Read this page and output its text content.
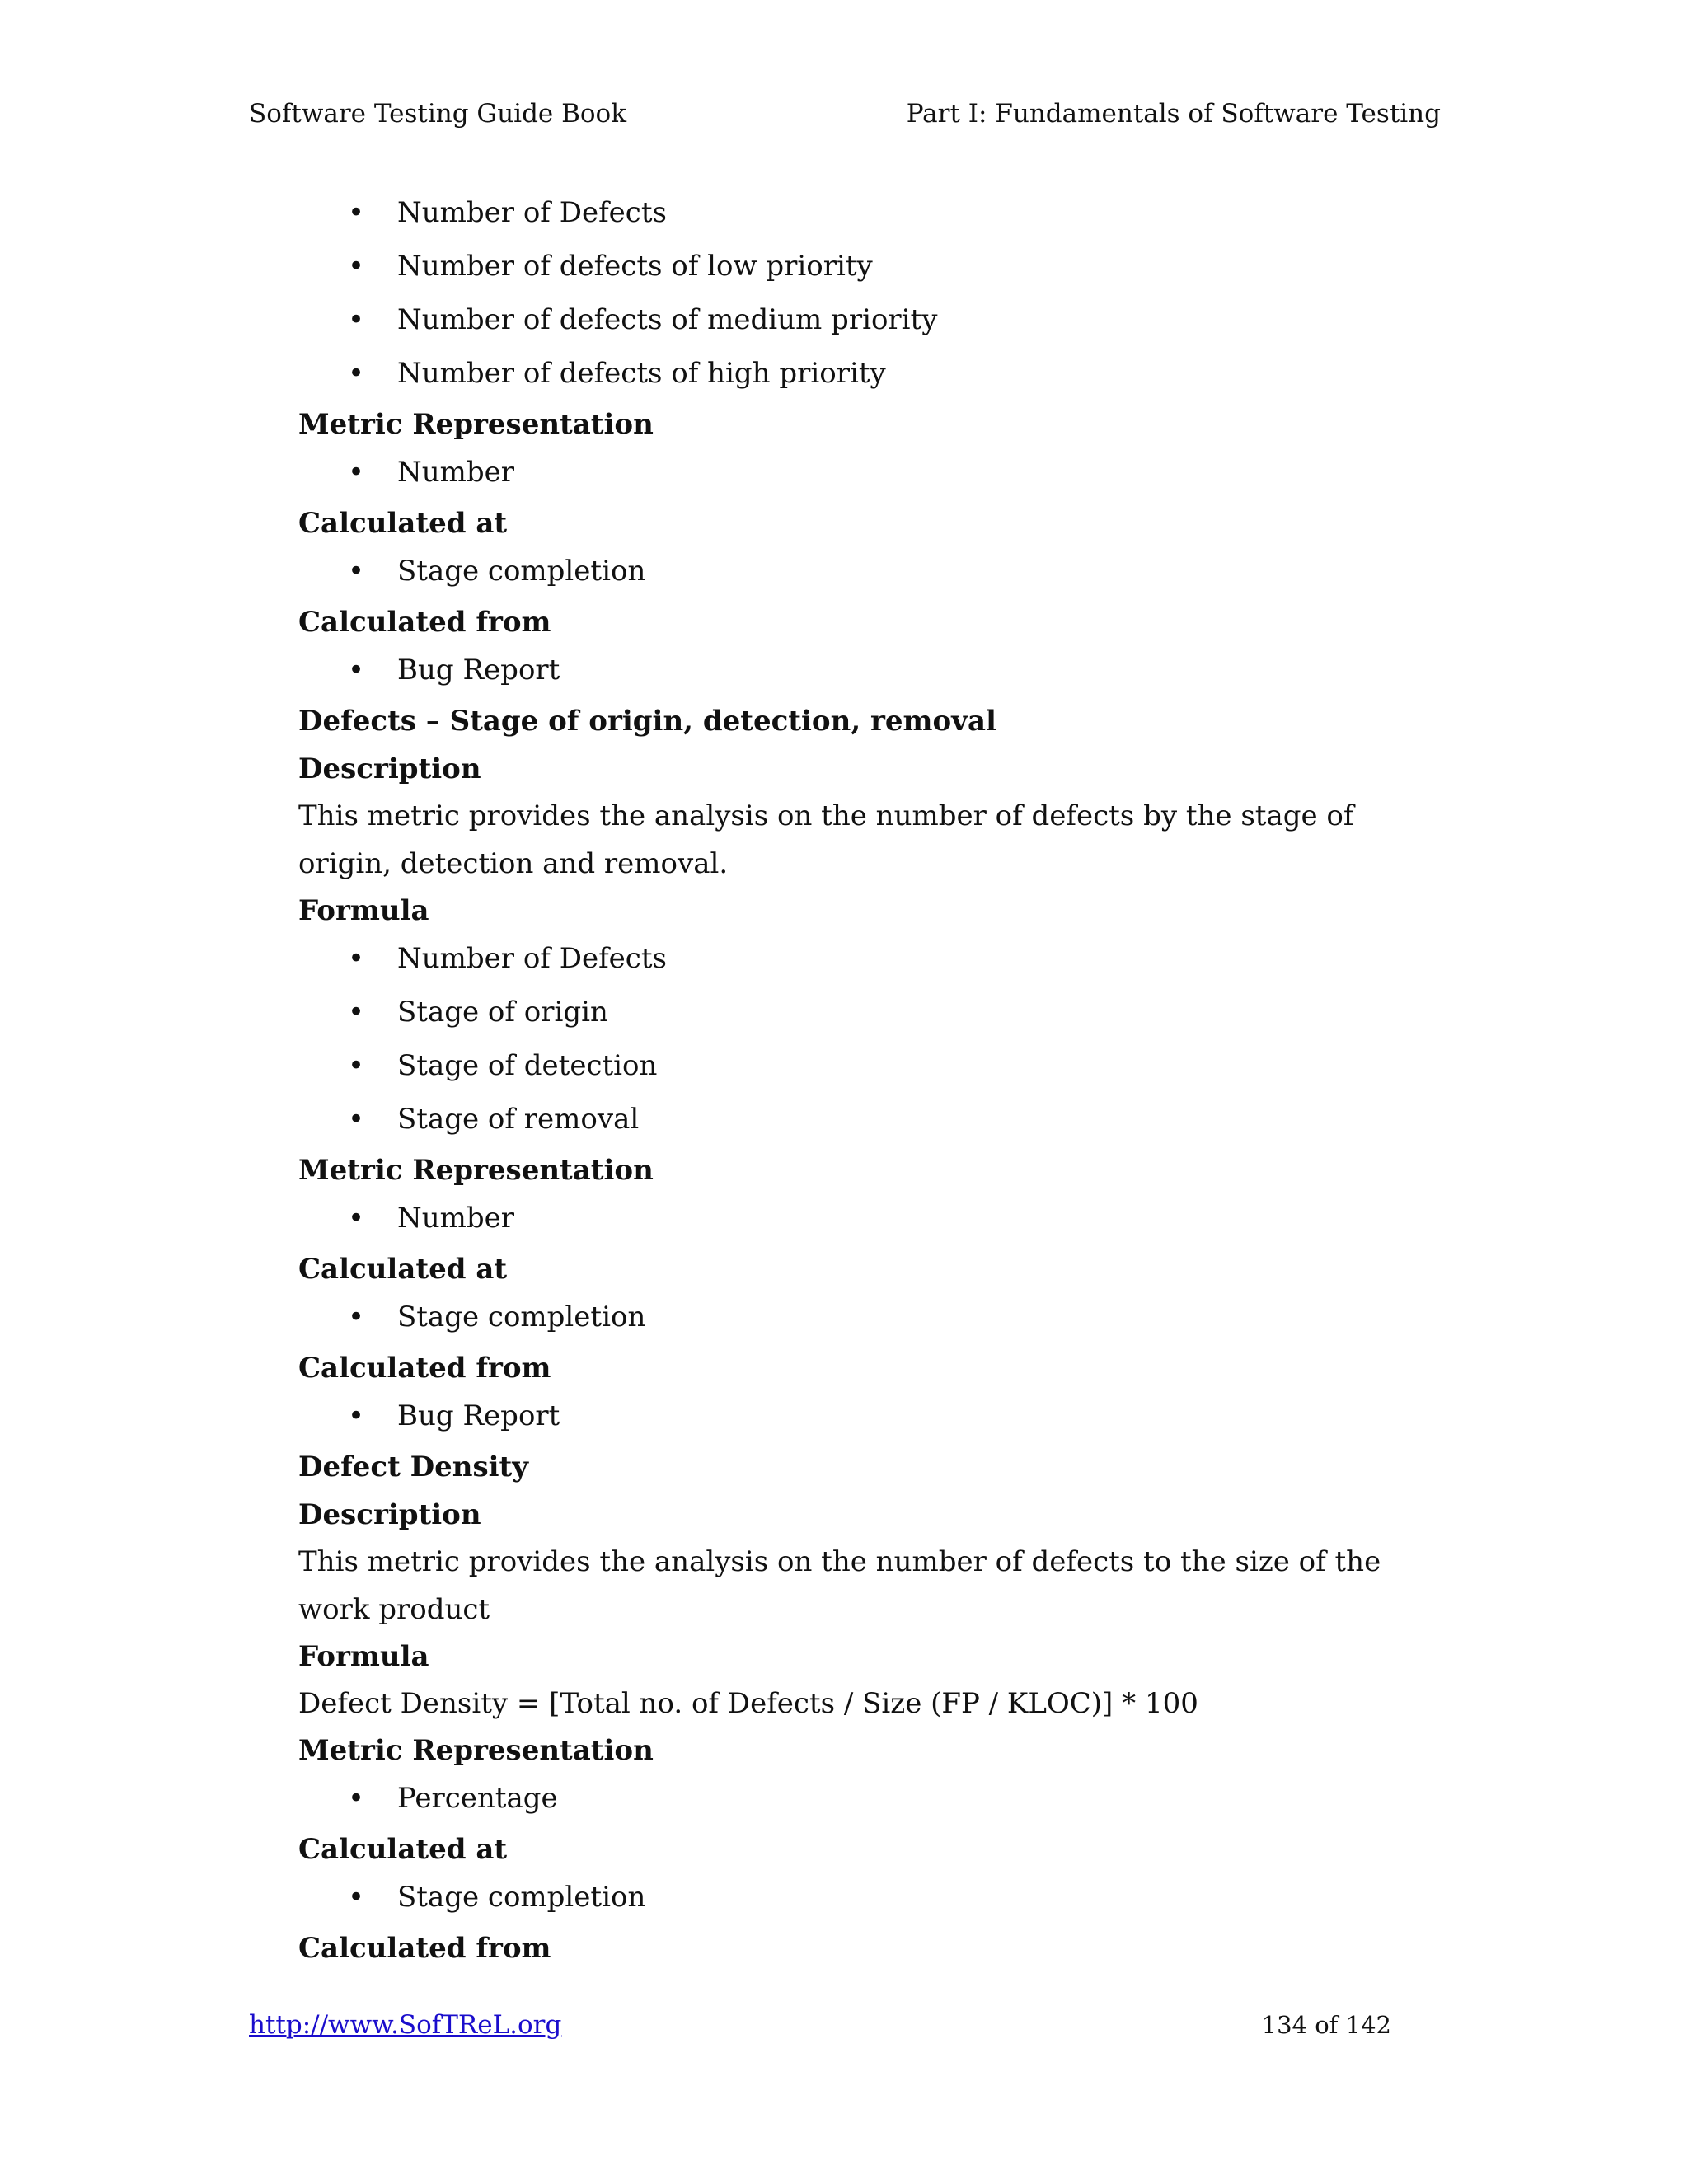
Software Testing Guide Book	Part I: Fundamentals of Software Testing
• Number of Defects
• Number of defects of low priority
• Number of defects of medium priority
• Number of defects of high priority
Metric Representation
• Number
Calculated at
• Stage completion
Calculated from
• Bug Report
Defects – Stage of origin, detection, removal
Description
This metric provides the analysis on the number of defects by the stage of origin, detection and removal.
Formula
• Number of Defects
• Stage of origin
• Stage of detection
• Stage of removal
Metric Representation
• Number
Calculated at
• Stage completion
Calculated from
• Bug Report
Defect Density
Description
This metric provides the analysis on the number of defects to the size of the work product
Formula
Defect Density = [Total no. of Defects / Size (FP / KLOC)] * 100
Metric Representation
• Percentage
Calculated at
• Stage completion
Calculated from
http://www.SofTReL.org	134 of 142
